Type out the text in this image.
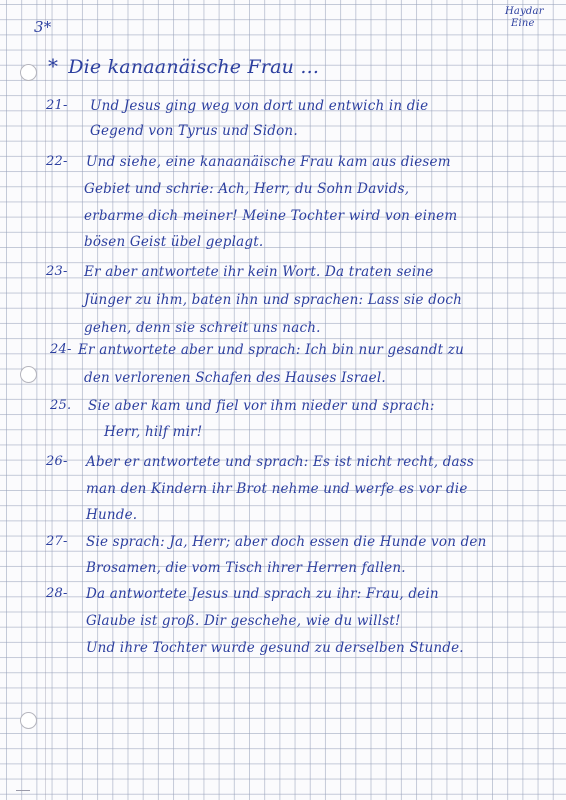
Haydar
Eine
3*
* Die kanaanäische Frau ...
21- Und Jesus ging weg von dort und entwich in die
Gegend von Tyrus und Sidon.
22- Und siehe, eine kanaanäische Frau kam aus diesem
Gebiet und schrie: Ach, Herr, du Sohn Davids,
erbarme dich meiner! Meine Tochter wird von einem
bösen Geist übel geplagt.
23- Er aber antwortete ihr kein Wort. Da traten seine
Jünger zu ihm, baten ihn und sprachen: Lass sie doch
gehen, denn sie schreit uns nach.
24- Er antwortete aber und sprach: Ich bin nur gesandt zu
den verlorenen Schafen des Hauses Israel.
25. Sie aber kam und fiel vor ihm nieder und sprach:
Herr, hilf mir!
26- Aber er antwortete und sprach: Es ist nicht recht, dass
man den Kindern ihr Brot nehme und werfe es vor die
Hunde.
27- Sie sprach: Ja, Herr; aber doch essen die Hunde von den
Brosamen, die vom Tisch ihrer Herren fallen.
28- Da antwortete Jesus und sprach zu ihr: Frau, dein
Glaube ist groß. Dir geschehe, wie du willst!
Und ihre Tochter wurde gesund zu derselben Stunde.
